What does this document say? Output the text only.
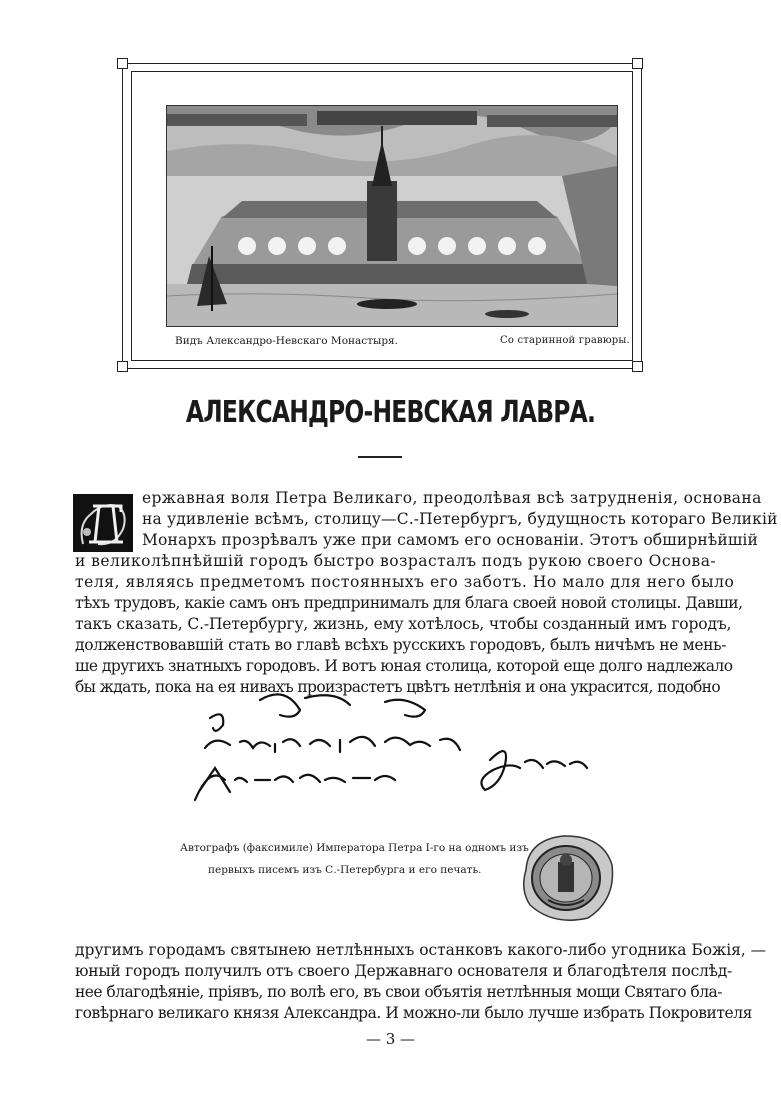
Видъ Александро-Невскаго Монастыря.	Со старинной гравюры.
АЛЕКСАНДРО-НЕВСКАЯ ЛАВРА.
ержавная воля Петра Великаго, преодолѣвая всѣ затрудненія, основана
на удивленіе всѣмъ, столицу—С.-Петербургъ, будущность котораго Великій
Монархъ прозрѣвалъ уже при самомъ его основаніи. Этотъ обширнѣйшій
и великолѣпнѣйшій городъ быстро возрасталъ подъ рукою своего Основа-
теля, являясь предметомъ постоянныхъ его заботъ. Но мало для него было
тѣхъ трудовъ, какіе самъ онъ предпринималъ для блага своей новой столицы. Давши,
такъ сказать, С.-Петербургу, жизнь, ему хотѣлось, чтобы созданный имъ городъ,
долженствовавшій стать во главѣ всѣхъ русскихъ городовъ, былъ ничѣмъ не мень-
ше другихъ знатныхъ городовъ. И вотъ юная столица, которой еще долго надлежало
бы ждать, пока на ея нивахъ произрастетъ цвѣтъ нетлѣнія и она украсится, подобно
Автографъ (факсимиле) Императора Петра I-го на одномъ изъ
первыхъ писемъ изъ С.-Петербурга и его печать.
другимъ городамъ святынею нетлѣнныхъ останковъ какого-либо угодника Божія, —
юный городъ получилъ отъ своего Державнаго основателя и благодѣтеля послѣд-
нее благодѣяніе, пріявъ, по волѣ его, въ свои объятія нетлѣнныя мощи Святаго бла-
говѣрнаго великаго князя Александра. И можно-ли было лучше избрать Покровителя
— 3 —
